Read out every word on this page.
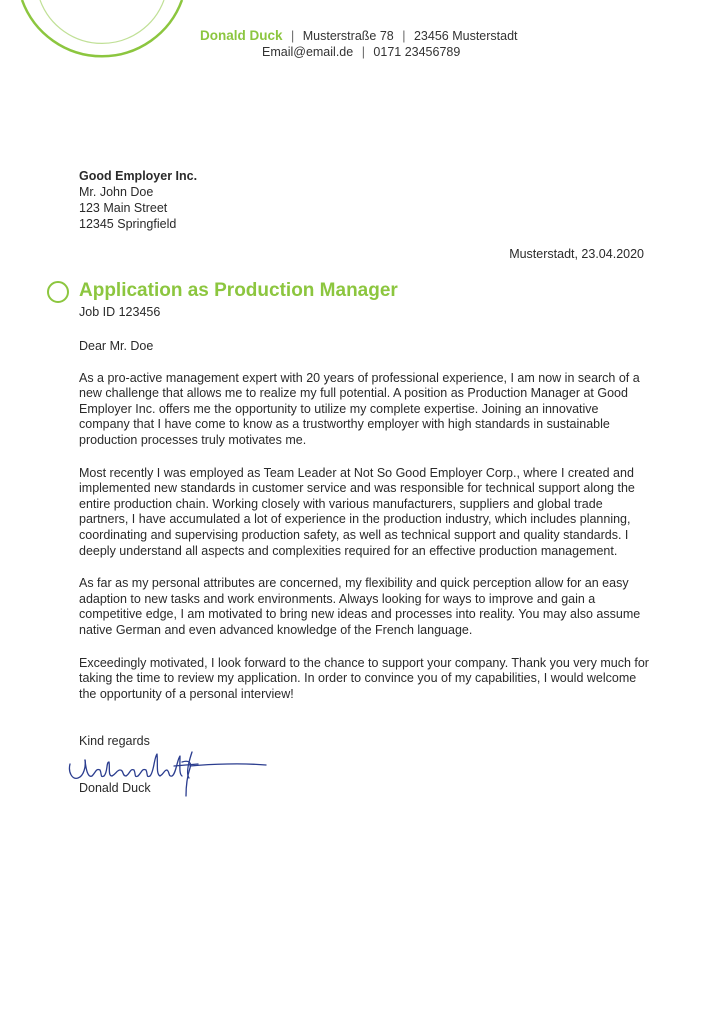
Donald Duck | Musterstraße 78 | 23456 Musterstadt
Email@email.de | 0171 23456789
Good Employer Inc.
Mr. John Doe
123 Main Street
12345 Springfield
Musterstadt, 23.04.2020
Application as Production Manager
Job ID 123456

Dear Mr. Doe

As a pro-active management expert with 20 years of professional experience, I am now in search of a new challenge that allows me to realize my full potential. A position as Production Manager at Good Employer Inc. offers me the opportunity to utilize my complete expertise. Joining an innovative company that I have come to know as a trustworthy employer with high standards in sustainable production processes truly motivates me.

Most recently I was employed as Team Leader at Not So Good Employer Corp., where I created and implemented new standards in customer service and was responsible for technical support along the entire production chain. Working closely with various manufacturers, suppliers and global trade partners, I have accumulated a lot of experience in the production industry, which includes planning, coordinating and supervising production safety, as well as technical support and quality standards. I deeply understand all aspects and complexities required for an effective production management.

As far as my personal attributes are concerned, my flexibility and quick perception allow for an easy adaption to new tasks and work environments. Always looking for ways to improve and gain a competitive edge, I am motivated to bring new ideas and processes into reality. You may also assume native German and even advanced knowledge of the French language.

Exceedingly motivated, I look forward to the chance to support your company. Thank you very much for taking the time to review my application. In order to convince you of my capabilities, I would welcome the opportunity of a personal interview!

Kind regards
Donald Duck
